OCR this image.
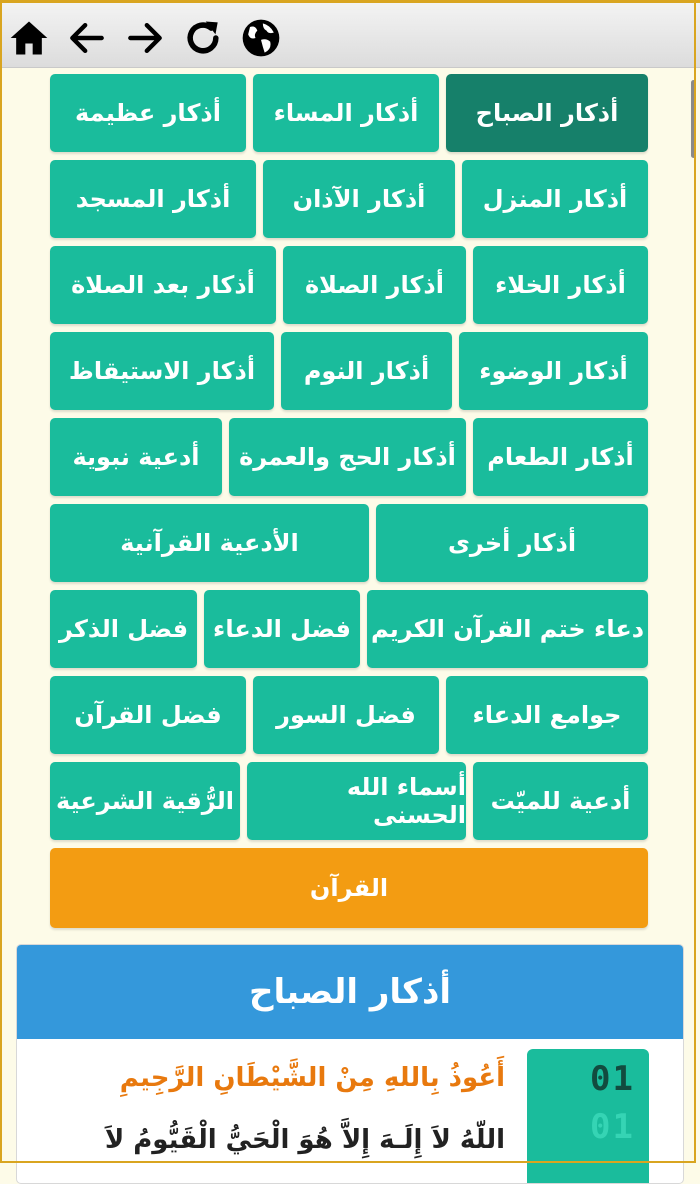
أذكار الصباح
أذكار المساء
أذكار عظيمة
أذكار المنزل
أذكار الآذان
أذكار المسجد
أذكار الخلاء
أذكار الصلاة
أذكار بعد الصلاة
أذكار الوضوء
أذكار النوم
أذكار الاستيقاظ
أذكار الطعام
أذكار الحج والعمرة
أدعية نبوية
أذكار أخرى
الأدعية القرآنية
دعاء ختم القرآن الكريم
فضل الدعاء
فضل الذكر
جوامع الدعاء
فضل السور
فضل القرآن
أدعية للميّت
أسماء الله الحسنى
الرُّقية الشرعية
القرآن
أذكار الصباح
01
01
أَعُوذُ بِاللهِ مِنْ الشَّيْطَانِ الرَّجِيمِ
اللّهُ لاَ إِلَـهَ إِلاَّ هُوَ الْحَيُّ الْقَيُّومُ لاَ
